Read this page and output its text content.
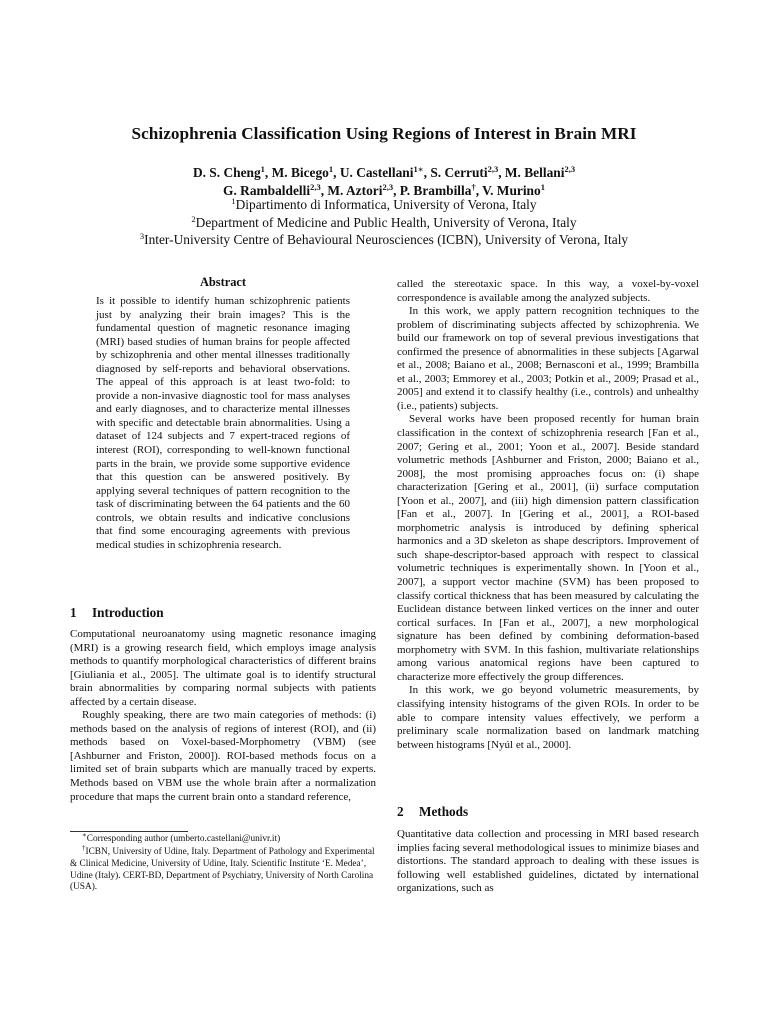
Schizophrenia Classification Using Regions of Interest in Brain MRI
D. S. Cheng$^1$, M. Bicego$^1$, U. Castellani$^{1∗}$, S. Cerruti$^{2,3}$, M. Bellani$^{2,3}$
G. Rambaldelli$^{2,3}$, M. Aztori$^{2,3}$, P. Brambilla†, V. Murino$^1$
$^1$Dipartimento di Informatica, University of Verona, Italy
$^2$Department of Medicine and Public Health, University of Verona, Italy
$^3$Inter-University Centre of Behavioural Neurosciences (ICBN), University of Verona, Italy
Abstract

Is it possible to identify human schizophrenic patients just by analyzing their brain images? This is the fundamental question of magnetic resonance imaging (MRI) based studies of human brains for people affected by schizophrenia and other mental illnesses traditionally diagnosed by self-reports and behavioral observations. The appeal of this approach is at least two-fold: to provide a non-invasive diagnostic tool for mass analyses and early diagnoses, and to characterize mental illnesses with specific and detectable brain abnormalities. Using a dataset of 124 subjects and 7 expert-traced regions of interest (ROI), corresponding to well-known functional parts in the brain, we provide some supportive evidence that this question can be answered positively. By applying several techniques of pattern recognition to the task of discriminating between the 64 patients and the 60 controls, we obtain results and indicative conclusions that find some encouraging agreements with previous medical studies in schizophrenia research.

1 Introduction

Computational neuroanatomy using magnetic resonance imaging (MRI) is a growing research field, which employs image analysis methods to quantify morphological characteristics of different brains [Giuliania et al., 2005]. The ultimate goal is to identify structural brain abnormalities by comparing normal subjects with patients affected by a certain disease.

Roughly speaking, there are two main categories of methods: (i) methods based on the analysis of regions of interest (ROI), and (ii) methods based on Voxel-based-Morphometry (VBM) (see [Ashburner and Friston, 2000]). ROI-based methods focus on a limited set of brain subparts which are manually traced by experts. Methods based on VBM use the whole brain after a normalization procedure that maps the current brain onto a standard reference,

∗Corresponding author (umberto.castellani@univr.it)
†ICBN, University of Udine, Italy. Department of Pathology and Experimental & Clinical Medicine, University of Udine, Italy. Scientific Institute ‘E. Medea’, Udine (Italy). CERT-BD, Department of Psychiatry, University of North Carolina (USA).

called the stereotaxic space. In this way, a voxel-by-voxel correspondence is available among the analyzed subjects.

In this work, we apply pattern recognition techniques to the problem of discriminating subjects affected by schizophrenia. We build our framework on top of several previous investigations that confirmed the presence of abnormalities in these subjects [Agarwal et al., 2008; Baiano et al., 2008; Bernasconi et al., 1999; Brambilla et al., 2003; Emmorey et al., 2003; Potkin et al., 2009; Prasad et al., 2005] and extend it to classify healthy (i.e., controls) and unhealthy (i.e., patients) subjects.

Several works have been proposed recently for human brain classification in the context of schizophrenia research [Fan et al., 2007; Gering et al., 2001; Yoon et al., 2007]. Beside standard volumetric methods [Ashburner and Friston, 2000; Baiano et al., 2008], the most promising approaches focus on: (i) shape characterization [Gering et al., 2001], (ii) surface computation [Yoon et al., 2007], and (iii) high dimension pattern classification [Fan et al., 2007]. In [Gering et al., 2001], a ROI-based morphometric analysis is introduced by defining spherical harmonics and a 3D skeleton as shape descriptors. Improvement of such shape-descriptor-based approach with respect to classical volumetric techniques is experimentally shown. In [Yoon et al., 2007], a support vector machine (SVM) has been proposed to classify cortical thickness that has been measured by calculating the Euclidean distance between linked vertices on the inner and outer cortical surfaces. In [Fan et al., 2007], a new morphological signature has been defined by combining deformation-based morphometry with SVM. In this fashion, multivariate relationships among various anatomical regions have been captured to characterize more effectively the group differences.

In this work, we go beyond volumetric measurements, by classifying intensity histograms of the given ROIs. In order to be able to compare intensity values effectively, we perform a preliminary scale normalization based on landmark matching between histograms [Nyúl et al., 2000].

2 Methods

Quantitative data collection and processing in MRI based research implies facing several methodological issues to minimize biases and distortions. The standard approach to dealing with these issues is following well established guidelines, dictated by international organizations, such as
